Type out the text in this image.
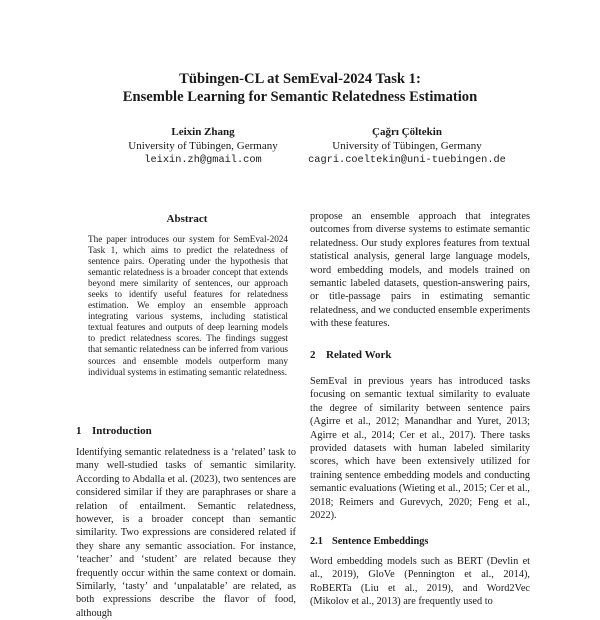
Tübingen-CL at SemEval-2024 Task 1:
Ensemble Learning for Semantic Relatedness Estimation
Leixin Zhang
University of Tübingen, Germany
leixin.zh@gmail.com
Çağrı Çöltekin
University of Tübingen, Germany
cagri.coeltekin@uni-tuebingen.de
Abstract
The paper introduces our system for SemEval-2024 Task 1, which aims to predict the relatedness of sentence pairs. Operating under the hypothesis that semantic relatedness is a broader concept that extends beyond mere similarity of sentences, our approach seeks to identify useful features for relatedness estimation. We employ an ensemble approach integrating various systems, including statistical textual features and outputs of deep learning models to predict relatedness scores. The findings suggest that semantic relatedness can be inferred from various sources and ensemble models outperform many individual systems in estimating semantic relatedness.
1 Introduction

Identifying semantic relatedness is a ‘related’ task to many well-studied tasks of semantic similarity. According to Abdalla et al. (2023), two sentences are considered similar if they are paraphrases or share a relation of entailment. Semantic relatedness, however, is a broader concept than semantic similarity. Two expressions are considered related if they share any semantic association. For instance, ‘teacher’ and ‘student’ are related because they frequently occur within the same context or domain. Similarly, ‘tasty’ and ‘unpalatable’ are related, as both expressions describe the flavor of food, although

propose an ensemble approach that integrates outcomes from diverse systems to estimate semantic relatedness. Our study explores features from textual statistical analysis, general large language models, word embedding models, and models trained on semantic labeled datasets, question-answering pairs, or title-passage pairs in estimating semantic relatedness, and we conducted ensemble experiments with these features.

2 Related Work

SemEval in previous years has introduced tasks focusing on semantic textual similarity to evaluate the degree of similarity between sentence pairs (Agirre et al., 2012; Manandhar and Yuret, 2013; Agirre et al., 2014; Cer et al., 2017). There tasks provided datasets with human labeled similarity scores, which have been extensively utilized for training sentence embedding models and conducting semantic evaluations (Wieting et al., 2015; Cer et al., 2018; Reimers and Gurevych, 2020; Feng et al., 2022).

2.1 Sentence Embeddings

Word embedding models such as BERT (Devlin et al., 2019), GloVe (Pennington et al., 2014), RoBERTa (Liu et al., 2019), and Word2Vec (Mikolov et al., 2013) are frequently used to
